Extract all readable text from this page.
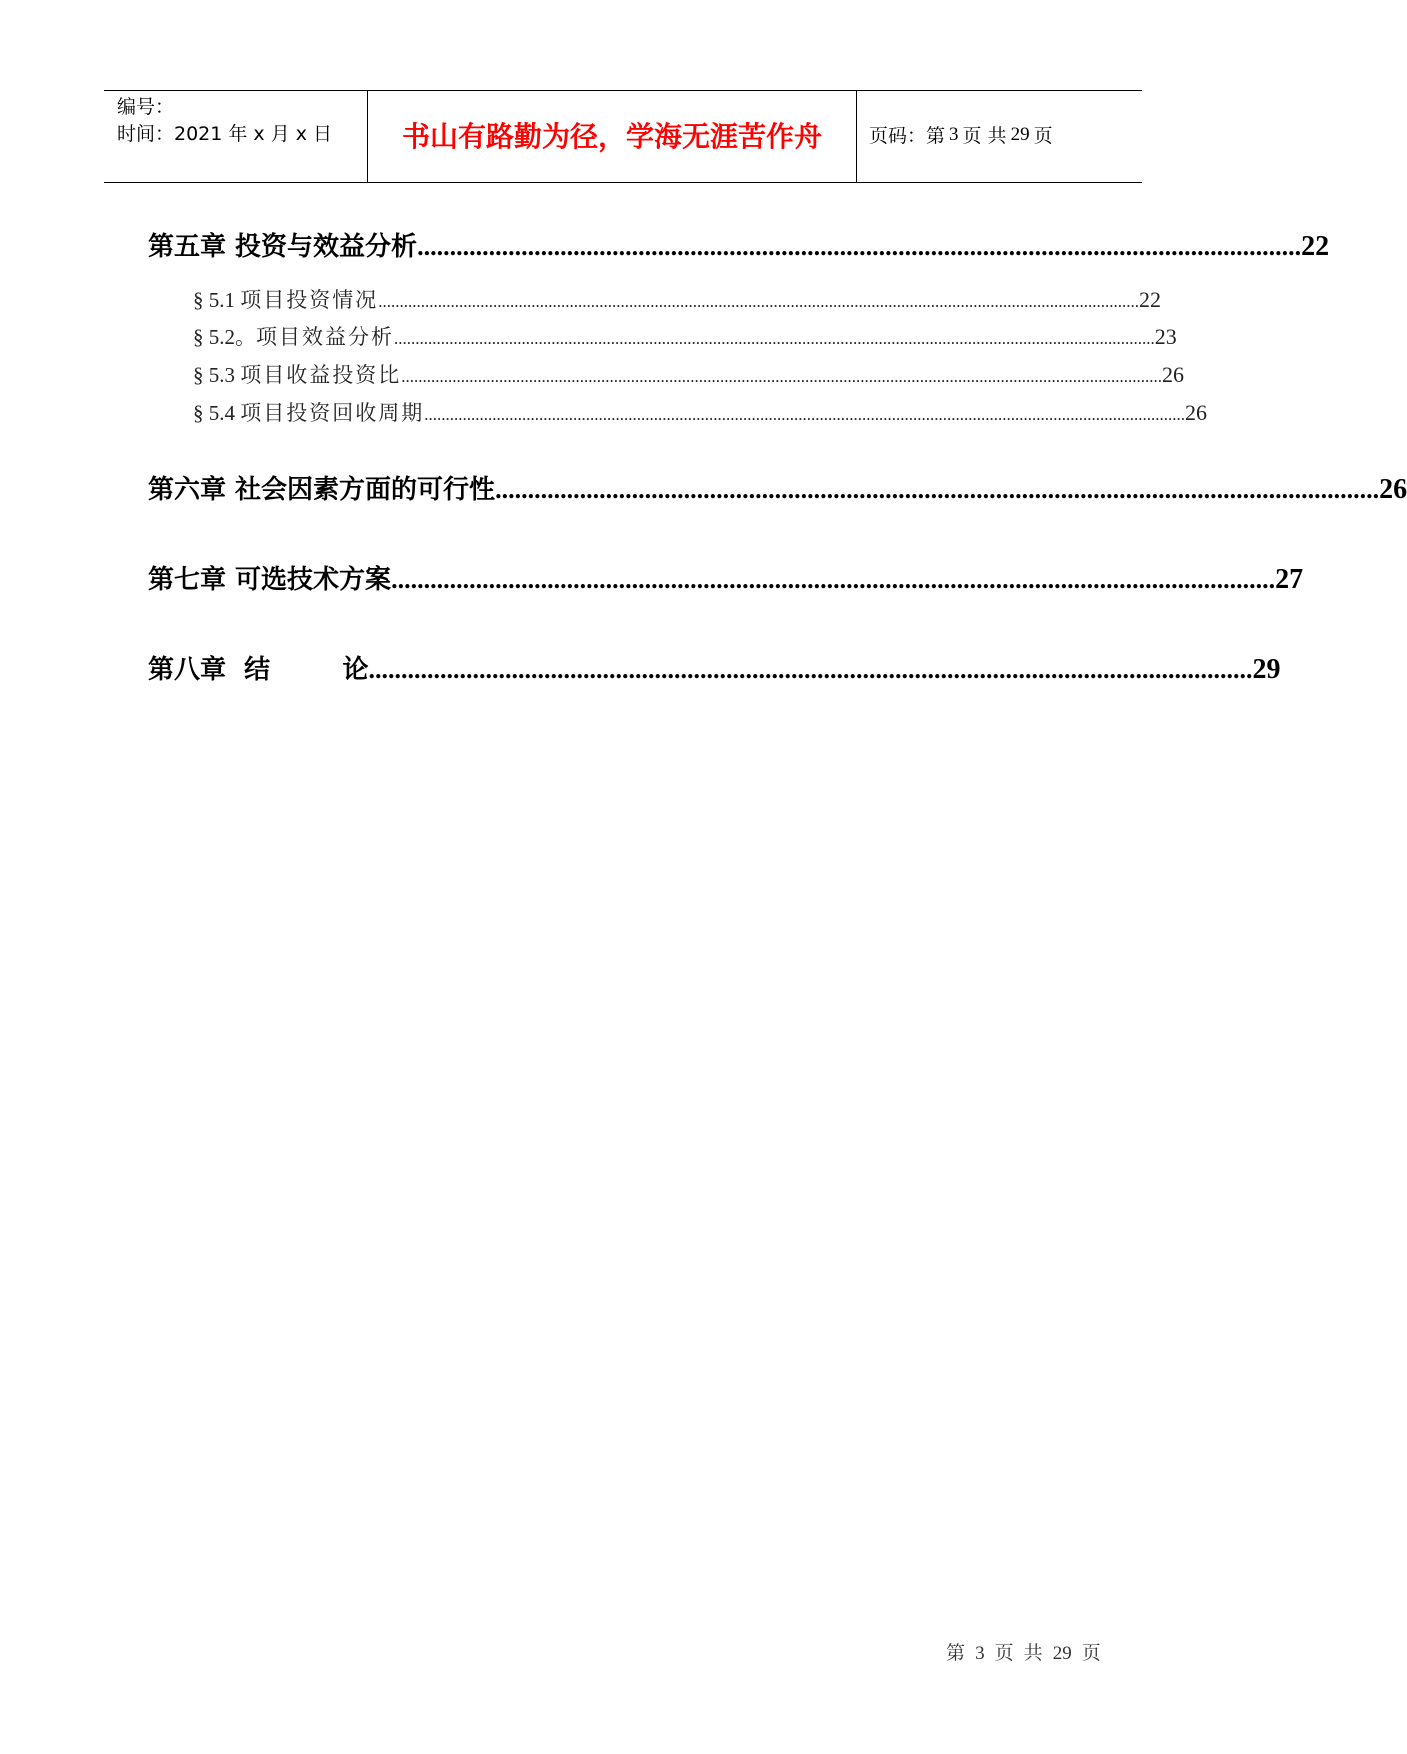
编号：
时间：2021 年 x 月 x 日	书山有路勤为径，学海无涯苦作舟	页码：第 3 页 共 29 页
第五章 投资与效益分析 ........................................................................................................................................ 22
§ 5.1 项目投资情况 ................................................................................................................................................................................... 22
§ 5.2。项目效益分析 ................................................................................................................................................................................... 23
§ 5.3 项目收益投资比 ................................................................................................................................................................................... 26
§ 5.4 项目投资回收周期 ................................................................................................................................................................................... 26
第六章 社会因素方面的可行性 ........................................................................................................................................ 26
第七章 可选技术方案 ........................................................................................................................................ 27
第八章  结        论 ........................................................................................................................................ 29
第 3 页 共 29 页
